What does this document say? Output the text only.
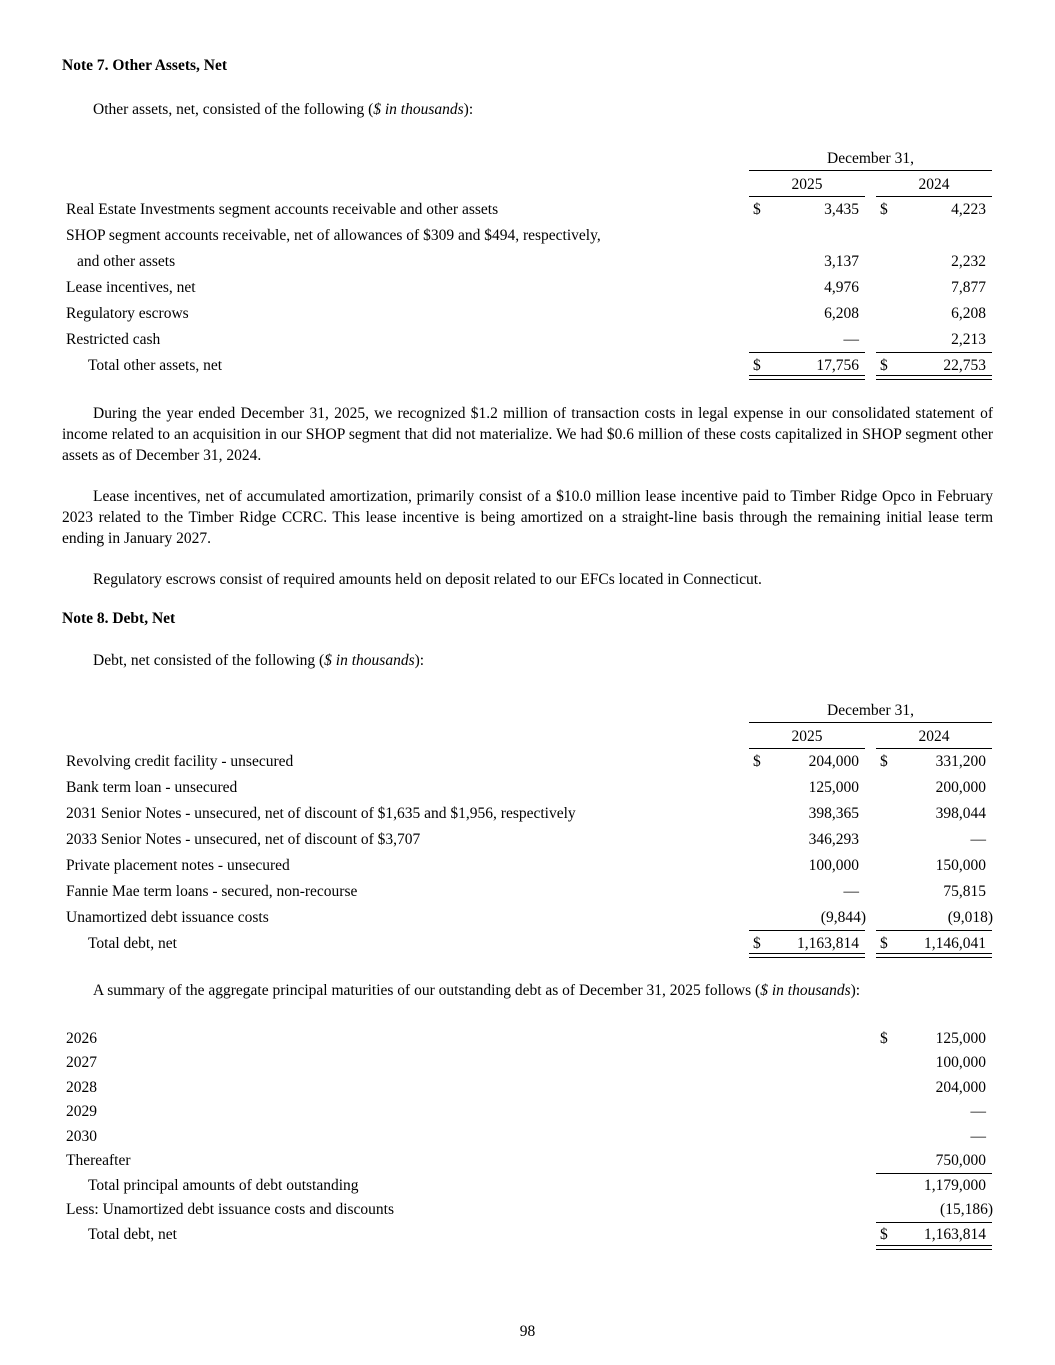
Note 7. Other Assets, Net
Other assets, net, consisted of the following ($ in thousands):
December 31,
2025	2024
Real Estate Investments segment accounts receivable and other assets	$	3,435 $	4,223
SHOP segment accounts receivable, net of allowances of $309 and $494, respectively,
and other assets	3,137	2,232
Lease incentives, net	4,976	7,877
Regulatory escrows	6,208	6,208
Restricted cash	—	2,213
Total other assets, net	$	17,756 $	22,753
During the year ended December 31, 2025, we recognized $1.2 million of transaction costs in legal expense in our consolidated statement of income related to an acquisition in our SHOP segment that did not materialize. We had $0.6 million of these costs capitalized in SHOP segment other assets as of December 31, 2024.
Lease incentives, net of accumulated amortization, primarily consist of a $10.0 million lease incentive paid to Timber Ridge Opco in February 2023 related to the Timber Ridge CCRC. This lease incentive is being amortized on a straight-line basis through the remaining initial lease term ending in January 2027.
Regulatory escrows consist of required amounts held on deposit related to our EFCs located in Connecticut.
Note 8. Debt, Net
Debt, net consisted of the following ($ in thousands):
December 31,
2025	2024
Revolving credit facility - unsecured	$	204,000 $	331,200
Bank term loan - unsecured	125,000	200,000
2031 Senior Notes - unsecured, net of discount of $1,635 and $1,956, respectively	398,365	398,044
2033 Senior Notes - unsecured, net of discount of $3,707	346,293	—
Private placement notes - unsecured	100,000	150,000
Fannie Mae term loans - secured, non-recourse	—	75,815
Unamortized debt issuance costs	(9,844)	(9,018)
Total debt, net	$	1,163,814 $	1,146,041
A summary of the aggregate principal maturities of our outstanding debt as of December 31, 2025 follows ($ in thousands):
2026	$	125,000
2027	100,000
2028	204,000
2029	—
2030	—
Thereafter	750,000
Total principal amounts of debt outstanding	1,179,000
Less: Unamortized debt issuance costs and discounts	(15,186)
Total debt, net	$	1,163,814
98
